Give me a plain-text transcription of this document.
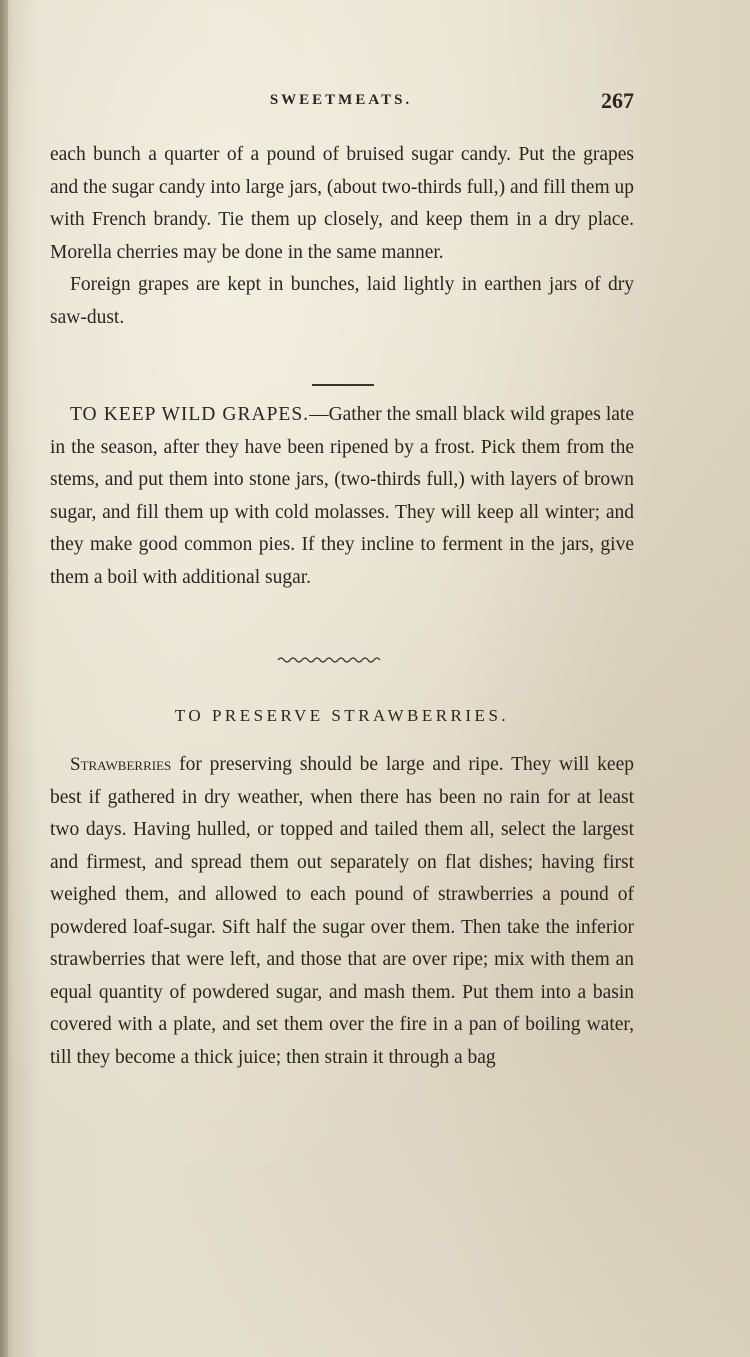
SWEETMEATS.	267

each bunch a quarter of a pound of bruised sugar candy. Put the grapes and the sugar candy into large jars, (about two-thirds full,) and fill them up with French brandy. Tie them up closely, and keep them in a dry place. Morella cherries may be done in the same manner.

Foreign grapes are kept in bunches, laid lightly in earthen jars of dry saw-dust.

TO KEEP WILD GRAPES.—Gather the small black wild grapes late in the season, after they have been ripened by a frost. Pick them from the stems, and put them into stone jars, (two-thirds full,) with layers of brown sugar, and fill them up with cold molasses. They will keep all winter; and they make good common pies. If they incline to ferment in the jars, give them a boil with additional sugar.

TO PRESERVE STRAWBERRIES.

Strawberries for preserving should be large and ripe. They will keep best if gathered in dry weather, when there has been no rain for at least two days. Having hulled, or topped and tailed them all, select the largest and firmest, and spread them out separately on flat dishes; having first weighed them, and allowed to each pound of strawberries a pound of powdered loaf-sugar. Sift half the sugar over them. Then take the inferior strawberries that were left, and those that are over ripe; mix with them an equal quantity of powdered sugar, and mash them. Put them into a basin covered with a plate, and set them over the fire in a pan of boiling water, till they become a thick juice; then strain it through a bag
